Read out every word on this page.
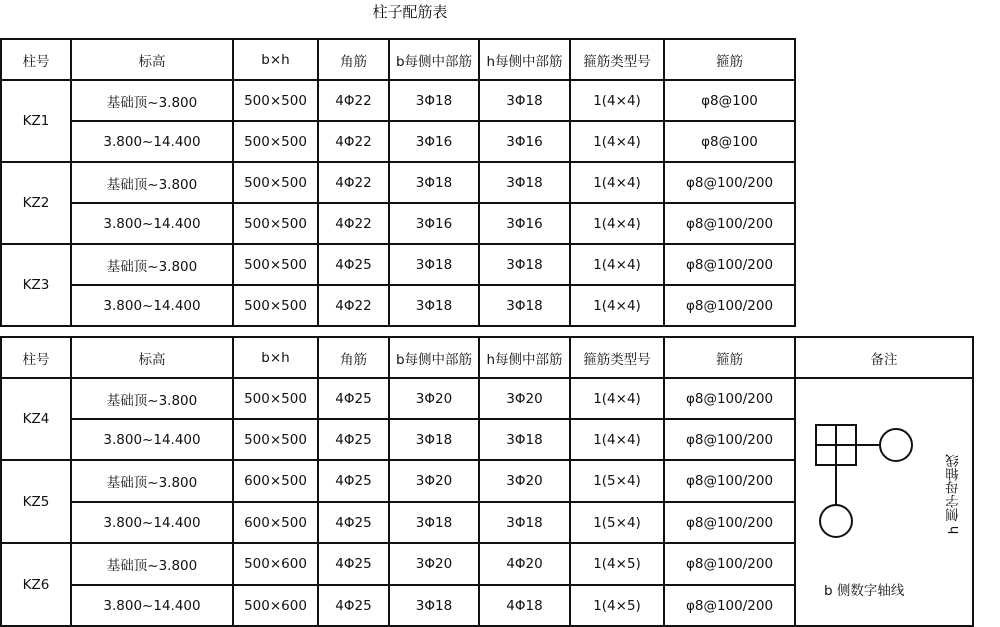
柱子配筋表
柱号	标高	b×h	角筋	b每侧中部筋	h每侧中部筋	箍筋类型号	箍筋
KZ1	基础顶~3.800	500×500	4Φ22	3Φ18	3Φ18	1(4×4)	φ8@100
	3.800~14.400	500×500	4Φ22	3Φ16	3Φ16	1(4×4)	φ8@100
KZ2	基础顶~3.800	500×500	4Φ22	3Φ18	3Φ18	1(4×4)	φ8@100/200
	3.800~14.400	500×500	4Φ22	3Φ16	3Φ16	1(4×4)	φ8@100/200
KZ3	基础顶~3.800	500×500	4Φ25	3Φ18	3Φ18	1(4×4)	φ8@100/200
	3.800~14.400	500×500	4Φ22	3Φ18	3Φ18	1(4×4)	φ8@100/200
柱号	标高	b×h	角筋	b每侧中部筋	h每侧中部筋	箍筋类型号	箍筋	备注
KZ4	基础顶~3.800	500×500	4Φ25	3Φ20	3Φ20	1(4×4)	φ8@100/200	b 侧数字轴线
h 侧字母轴线

	3.800~14.400	500×500	4Φ25	3Φ18	3Φ18	1(4×4)	φ8@100/200	
KZ5	基础顶~3.800	600×500	4Φ25	3Φ20	3Φ20	1(5×4)	φ8@100/200	
	3.800~14.400	600×500	4Φ25	3Φ18	3Φ18	1(5×4)	φ8@100/200	
KZ6	基础顶~3.800	500×600	4Φ25	3Φ20	4Φ20	1(4×5)	φ8@100/200	
	3.800~14.400	500×600	4Φ25	3Φ18	4Φ18	1(4×5)	φ8@100/200	
